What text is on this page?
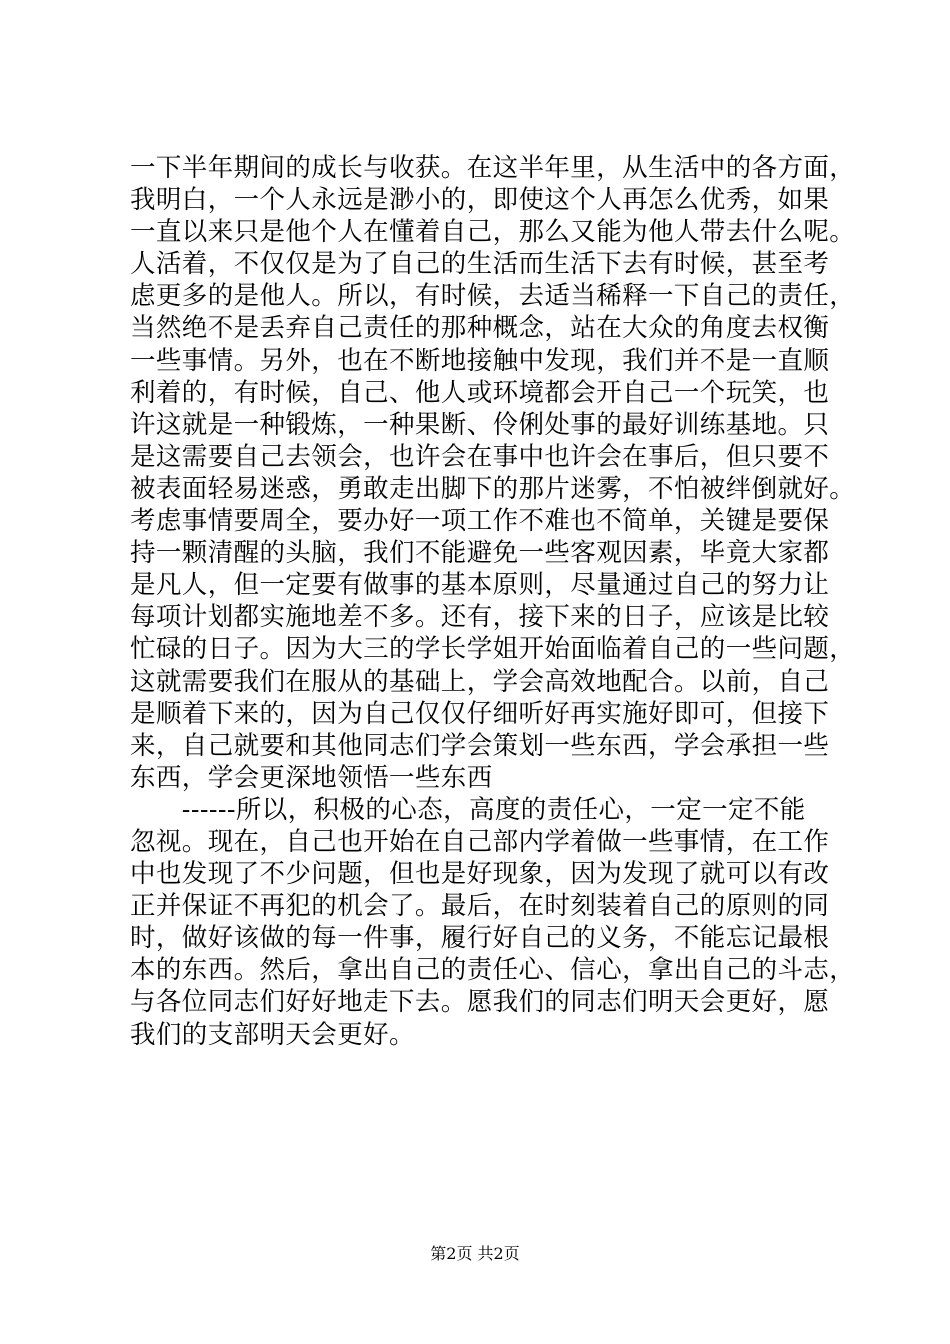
一下半年期间的成长与收获。在这半年里，从生活中的各方面，
我明白，一个人永远是渺小的，即使这个人再怎么优秀，如果
一直以来只是他个人在懂着自己，那么又能为他人带去什么呢。
人活着，不仅仅是为了自己的生活而生活下去有时候，甚至考
虑更多的是他人。所以，有时候，去适当稀释一下自己的责任，
当然绝不是丢弃自己责任的那种概念，站在大众的角度去权衡
一些事情。另外，也在不断地接触中发现，我们并不是一直顺
利着的，有时候，自己、他人或环境都会开自己一个玩笑，也
许这就是一种锻炼，一种果断、伶俐处事的最好训练基地。只
是这需要自己去领会，也许会在事中也许会在事后，但只要不
被表面轻易迷惑，勇敢走出脚下的那片迷雾，不怕被绊倒就好。
考虑事情要周全，要办好一项工作不难也不简单，关键是要保
持一颗清醒的头脑，我们不能避免一些客观因素，毕竟大家都
是凡人，但一定要有做事的基本原则，尽量通过自己的努力让
每项计划都实施地差不多。还有，接下来的日子，应该是比较
忙碌的日子。因为大三的学长学姐开始面临着自己的一些问题，
这就需要我们在服从的基础上，学会高效地配合。以前，自己
是顺着下来的，因为自己仅仅仔细听好再实施好即可，但接下
来，自己就要和其他同志们学会策划一些东西，学会承担一些
东西，学会更深地领悟一些东西
　　------所以，积极的心态，高度的责任心，一定一定不能
忽视。现在，自己也开始在自己部内学着做一些事情，在工作
中也发现了不少问题，但也是好现象，因为发现了就可以有改
正并保证不再犯的机会了。最后，在时刻装着自己的原则的同
时，做好该做的每一件事，履行好自己的义务，不能忘记最根
本的东西。然后，拿出自己的责任心、信心，拿出自己的斗志，
与各位同志们好好地走下去。愿我们的同志们明天会更好，愿
我们的支部明天会更好。
第2页 共2页
